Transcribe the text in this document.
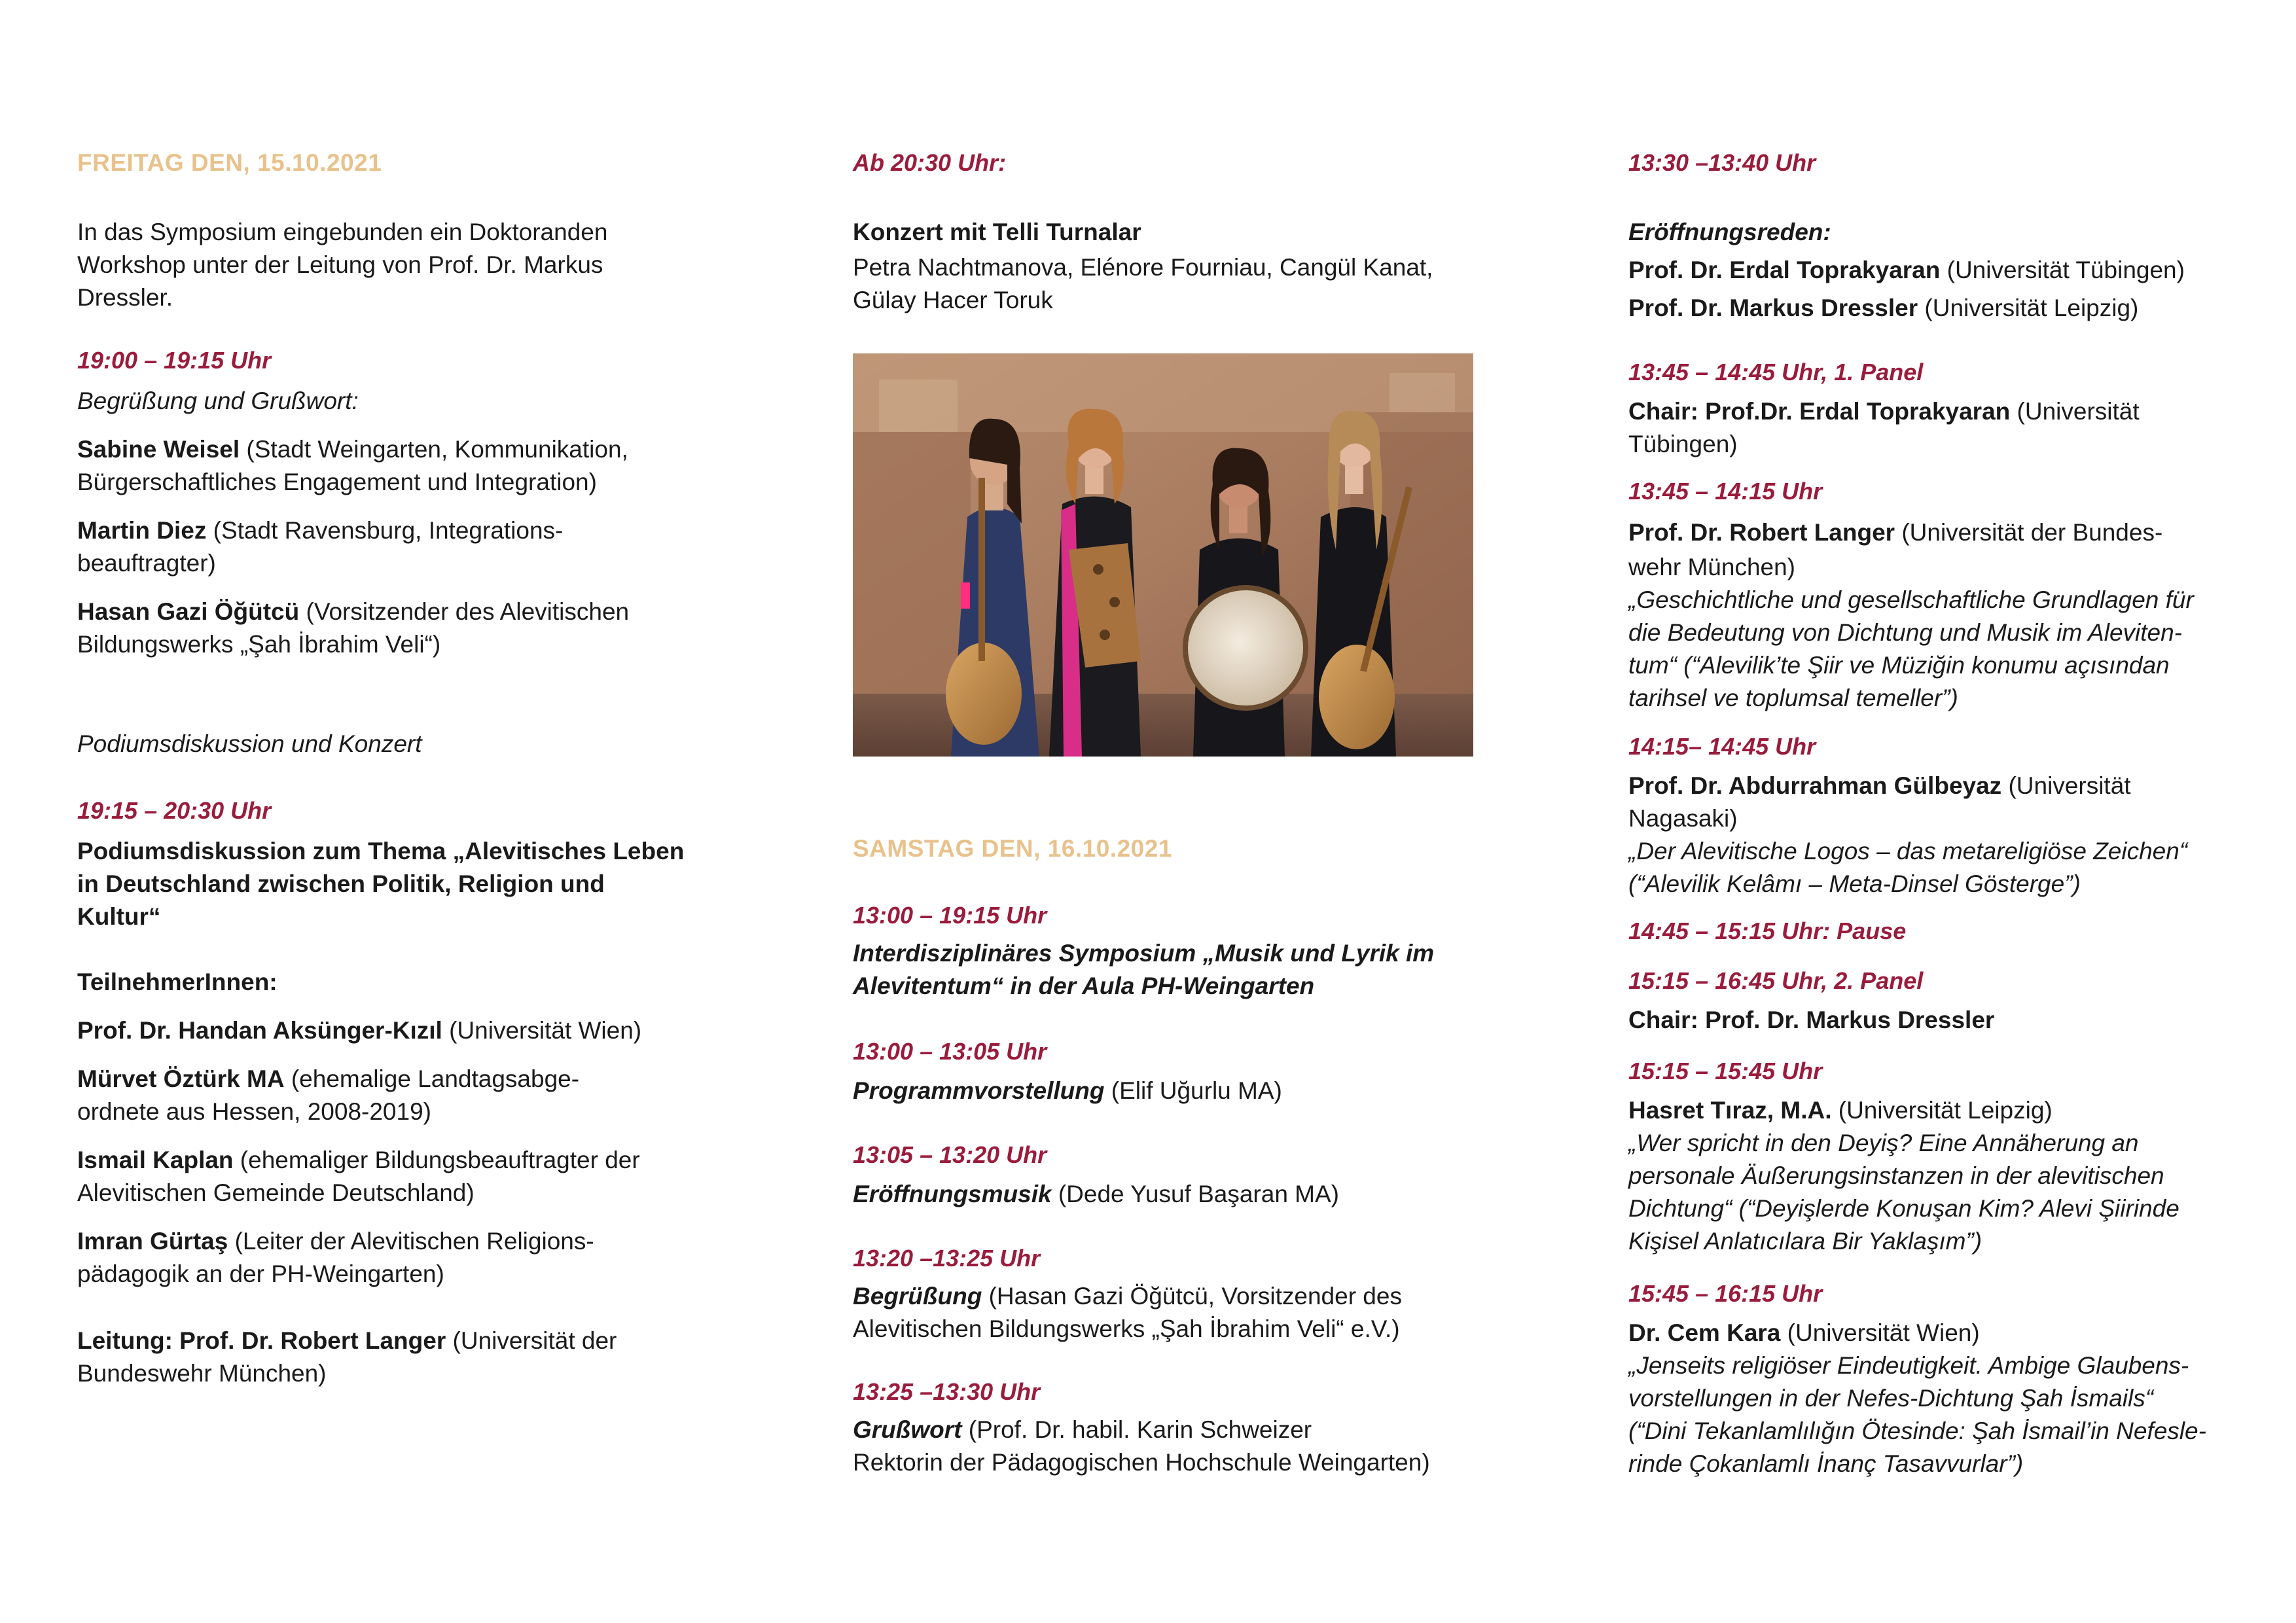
FREITAG DEN, 15.10.2021

In das Symposium eingebunden ein Doktoranden

Workshop unter der Leitung von Prof. Dr. Markus

Dressler.

19:00 – 19:15 Uhr
Begrüßung und Grußwort:

Sabine Weisel (Stadt Weingarten, Kommunikation,

Bürgerschaftliches Engagement und Integration)

Martin Diez (Stadt Ravensburg, Integrations-

beauftragter)

Hasan Gazi Öğütcü (Vorsitzender des Alevitischen

Bildungswerks „Şah İbrahim Veli“)

Podiumsdiskussion und Konzert
19:15 – 20:30 Uhr

Podiumsdiskussion zum Thema „Alevitisches Leben

in Deutschland zwischen Politik, Religion und

Kultur“

TeilnehmerInnen:

Prof. Dr. Handan Aksünger-Kızıl (Universität Wien)

Mürvet Öztürk MA (ehemalige Landtagsabge-

ordnete aus Hessen, 2008-2019)

Ismail Kaplan (ehemaliger Bildungsbeauftragter der

Alevitischen Gemeinde Deutschland)

Imran Gürtaş (Leiter der Alevitischen Religions-

pädagogik an der PH-Weingarten)

Leitung: Prof. Dr. Robert Langer (Universität der

Bundeswehr München)

Ab 20:30 Uhr:
Konzert mit Telli Turnalar

Petra Nachtmanova, Elénore Fourniau, Cangül Kanat,

Gülay Hacer Toruk

SAMSTAG DEN, 16.10.2021
13:00 – 19:15 Uhr

Interdisziplinäres Symposium „Musik und Lyrik im

Alevitentum“ in der Aula PH-Weingarten

13:00 – 13:05 Uhr

Programmvorstellung (Elif Uğurlu MA)

13:05 – 13:20 Uhr

Eröffnungsmusik (Dede Yusuf Başaran MA)

13:20 –13:25 Uhr

Begrüßung (Hasan Gazi Öğütcü, Vorsitzender des

Alevitischen Bildungswerks „Şah İbrahim Veli“ e.V.)

13:25 –13:30 Uhr

Grußwort (Prof. Dr. habil. Karin Schweizer

Rektorin der Pädagogischen Hochschule Weingarten)

13:30 –13:40 Uhr
Eröffnungsreden:

Prof. Dr. Erdal Toprakyaran (Universität Tübingen)

Prof. Dr. Markus Dressler (Universität Leipzig)

13:45 – 14:45 Uhr, 1. Panel

Chair: Prof.Dr. Erdal Toprakyaran (Universität

Tübingen)

13:45 – 14:15 Uhr

Prof. Dr. Robert Langer (Universität der Bundes-

wehr München)

„Geschichtliche und gesellschaftliche Grundlagen für

die Bedeutung von Dichtung und Musik im Aleviten-

tum“ (“Alevilik’te Şiir ve Müziğin konumu açısından

tarihsel ve toplumsal temeller”)

14:15– 14:45 Uhr

Prof. Dr. Abdurrahman Gülbeyaz (Universität

Nagasaki)

„Der Alevitische Logos – das metareligiöse Zeichen“

(“Alevilik Kelâmı – Meta-Dinsel Gösterge”)

14:45 – 15:15 Uhr: Pause
15:15 – 16:45 Uhr, 2. Panel
Chair: Prof. Dr. Markus Dressler
15:15 – 15:45 Uhr

Hasret Tıraz, M.A. (Universität Leipzig)

„Wer spricht in den Deyiş? Eine Annäherung an

personale Äußerungsinstanzen in der alevitischen

Dichtung“ (“Deyişlerde Konuşan Kim? Alevi Şiirinde

Kişisel Anlatıcılara Bir Yaklaşım”)

15:45 – 16:15 Uhr

Dr. Cem Kara (Universität Wien)

„Jenseits religiöser Eindeutigkeit. Ambige Glaubens-

vorstellungen in der Nefes-Dichtung Şah İsmails“

(“Dini Tekanlamlılığın Ötesinde: Şah İsmail’in Nefesle-

rinde Çokanlamlı İnanç Tasavvurlar”)
